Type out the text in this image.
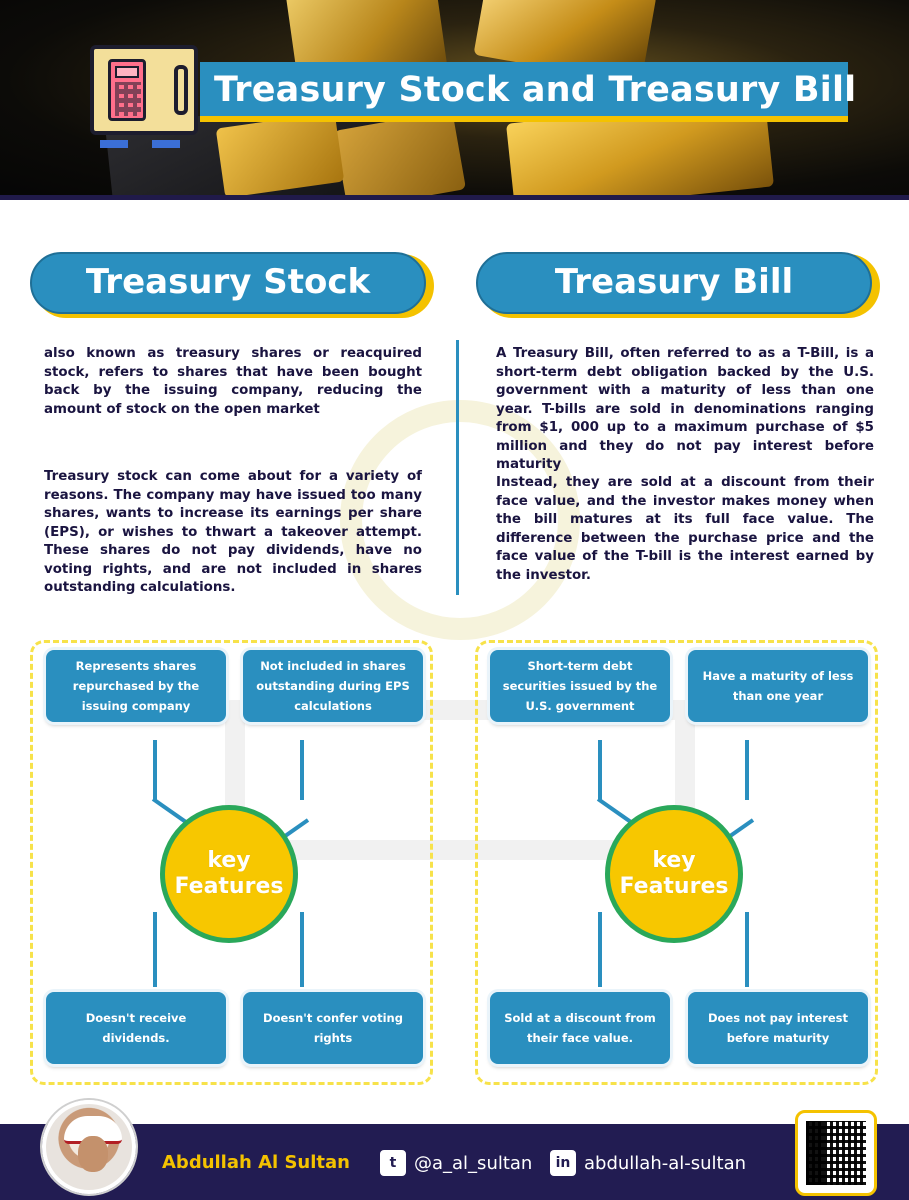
Treasury Stock and Treasury Bill
Treasury Stock	Treasury Bill
also known as treasury shares or reacquired stock, refers to shares that have been bought back by the issuing company, reducing the amount of stock on the open market
Treasury stock can come about for a variety of reasons. The company may have issued too many shares, wants to increase its earnings per share (EPS), or wishes to thwart a takeover attempt. These shares do not pay dividends, have no voting rights, and are not included in shares outstanding calculations.
A Treasury Bill, often referred to as a T-Bill, is a short-term debt obligation backed by the U.S. government with a maturity of less than one year. T-bills are sold in denominations ranging from $1, 000 up to a maximum purchase of $5 million and they do not pay interest before maturity
Instead, they are sold at a discount from their face value, and the investor makes money when the bill matures at its full face value. The difference between the purchase price and the face value of the T-bill is the interest earned by the investor.
Represents shares repurchased by the issuing company
Not included in shares outstanding during EPS calculations
key Features
Doesn't receive dividends.
Doesn't confer voting rights
Short-term debt securities issued by the U.S. government
Have a maturity of less than one year
key Features
Sold at a discount from their face value.
Does not pay interest before maturity
Abdullah Al Sultan	t @a_al_sultan	in abdullah-al-sultan
